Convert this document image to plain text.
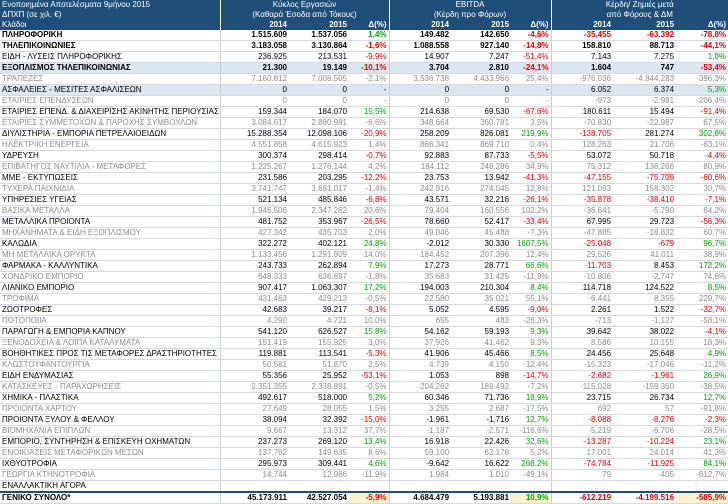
Ενοποιημένα Αποτελέσματα 9μήνου 2015	Κύκλος Εργασιών			EBITDA			Κέρδη/ Ζημιές μετά		
ΔΠΧΠ (σε χιλ. €)	(Καθαρά Έσοδα από Τόκους)			(Κέρδη προ Φόρων)			από Φόρους & ΔΜ		
Κλάδοι	2014	2015	Δ(%)	2014	2015	Δ(%)	2014	2015	Δ(%)
ΠΛΗΡΟΦΟΡΙΚΗ	1.515.609	1.537.056	1,4%	149.482	142.650	-4,6%	-35.455	-63.392	-78,8%
ΤΗΛΕΠΙΚΟΙΝΩΝΙΕΣ	3.183.058	3.130.864	-1,6%	1.088.558	927.140	-14,8%	158.810	88.713	-44,1%
ΕΙΔΗ - ΛΥΣΕΙΣ ΠΛΗΡΟΦΟΡΙΚΗΣ	236.925	213.531	-9,9%	14.907	7.247	-51,4%	7.143	7.275	1,8%
ΕΞΟΠΛΙΣΜΟΣ ΤΗΛΕΠΙΚΟΙΝΩΝΙΑΣ	21.300	19.149	-10,1%	3.704	2.810	-24,1%	1.604	747	-53,4%
ΤΡΑΠΕΖΕΣ	7.160.812	7.008.505	-2,1%	3.536.738	4.433.966	25,4%	-976.036	-4.844.283	-396,3%
ΑΣΦΑΛΕΙΕΣ - ΜΕΣΙΤΕΣ ΑΣΦΑΛΙΣΕΩΝ	0	0	-	0	0	-	6.052	6.374	5,3%
ΕΤΑΙΡΙΕΣ ΕΠΕΝΔΥΣΕΩΝ	0	0	-	0	0	-	-973	-2.981	-206,4%
ΕΤΑΙΡΙΕΣ ΕΠΕΝΔ. & ΔΙΑΧΕΙΡΙΣΗΣ ΑΚΙΝΗΤΗΣ ΠΕΡΙΟΥΣΙΑΣ	159.344	184.070	15,5%	214.638	69.530	-67,6%	180.611	15.494	-91,4%
ΕΤΑΙΡΙΕΣ ΣΥΜΜΕΤΟΧΩΝ & ΠΑΡΟΧΗΣ ΣΥΜΒΟΥΛΩΝ	3.084.617	2.880.981	-6,6%	348.664	360.781	3,5%	-70.830	-22.987	67,5%
ΔΙΥΛΙΣΤΗΡΙΑ - ΕΜΠΟΡΙΑ ΠΕΤΡΕΛΑΙΟΕΙΔΩΝ	15.288.354	12.098.106	-20,9%	258.209	826.081	219,9%	-138.705	281.274	302,8%
ΗΛΕΚΤΡΙΚΗ ΕΝΕΡΓΕΙΑ	4.551.858	4.615.923	1,4%	866.341	869.710	0,4%	128.263	21.706	-83,1%
ΥΔΡΕΥΣΗ	300.374	298.414	-0,7%	92.883	87.733	-5,5%	53.072	50.718	-4,4%
ΕΠΙΒΑΤΗΓΟΣ ΝΑΥΤΙΛΙΑ - ΜΕΤΑΦΟΡΕΣ	1.225.267	1.276.144	4,2%	184.112	248.286	34,9%	75.312	136.266	80,9%
ΜΜΕ - ΕΚΤΥΠΩΣΕΙΣ	231.586	203.295	-12,2%	23.753	13.942	-41,3%	-47.155	-75.709	-60,6%
ΤΥΧΕΡΑ ΠΑΙΧΝΙΔΙΑ	3.741.747	3.691.017	-1,4%	242.916	274.045	12,8%	121.093	158.302	30,7%
ΥΠΗΡΕΣΙΕΣ ΥΓΕΙΑΣ	521.134	485.846	-6,8%	43.571	32.216	-26,1%	-35.878	-38.410	-7,1%
ΒΑΣΙΚΑ ΜΕΤΑΛΛΑ	1.946.506	2.347.262	20,6%	79.404	160.556	102,2%	-36.641	-5.790	84,2%
ΜΕΤΑΛΛΙΚΑ ΠΡΟΙΟΝΤΑ	481.752	353.967	-26,5%	78.660	52.417	-33,4%	67.995	29.723	-56,3%
ΜΗΧΑΝΗΜΑΤΑ & ΕΙΔΗ ΕΞΟΠΛΙΣΜΟΥ	427.342	435.703	2,0%	49.046	45.488	-7,3%	-47.885	-18.832	60,7%
ΚΑΛΩΔΙΑ	322.272	402.121	24,8%	-2.012	30.330	1607,5%	-25.048	-679	96,7%
ΜΗ ΜΕΤΑΛΛΙΚΑ ΟΡΥΚΤΑ	1.133.456	1.291.909	14,0%	184.452	207.396	12,4%	29.526	41.011	38,9%
ΦΑΡΜΑΚΑ - ΚΑΛΛΥΝΤΙΚΑ	243.733	262.894	7,9%	17.273	28.771	66,6%	-11.703	8.453	172,2%
ΧΟΝΔΡΙΚΟ ΕΜΠΟΡΙΟ	648.333	636.697	-1,8%	35.683	31.425	-11,9%	-10.806	-2.747	74,6%
ΛΙΑΝΙΚΟ ΕΜΠΟΡΙΟ	907.417	1.063.307	17,2%	194.003	210.304	8,4%	114.718	124.522	8,5%
ΤΡΟΦΙΜΑ	431.463	429.213	-0,5%	22.580	35.021	55,1%	-6.441	8.355	229,7%
ΖΩΟΤΡΟΦΕΣ	42.683	39.217	-8,1%	5.052	4.595	-9,0%	2.261	1.522	-32,7%
ΠΟΤΟΠΟΙΙΑ	4.290	4.721	10,0%	655	483	-26,3%	-713	-1.127	-58,1%
ΠΑΡΑΓΩΓΗ & ΕΜΠΟΡΙΑ ΚΑΠΝΟΥ	541.120	626.527	15,8%	54.162	59.193	9,3%	39.642	38.022	-4,1%
ΞΕΝΟΔΟΧΕΙΑ & ΛΟΙΠΑ ΚΑΤΑΛΥΜΑΤΑ	151.419	155.925	3,0%	37.926	41.462	9,3%	8.586	10.155	18,3%
ΒΟΗΘΗΤΙΚΕΣ ΠΡΟΣ ΤΙΣ ΜΕΤΑΦΟΡΕΣ ΔΡΑΣΤΗΡΙΟΤΗΤΕΣ	119.881	113.541	-5,3%	41.906	45.466	8,5%	24.456	25.648	4,9%
ΚΛΩΣΤΟΥΦΑΝΤΟΥΡΓΙΑ	50.581	51.870	2,5%	4.739	4.150	-12,4%	-15.323	-17.046	-11,2%
ΕΙΔΗ ΕΝΔΥΜΑΣΙΑΣ	55.356	25.952	-53,1%	1.053	898	-14,7%	-2.682	-1.961	26,9%
ΚΑΤΑΣΚΕΥΕΣ - ΠΑΡΑΧΩΡΗΣΕΙΣ	2.351.355	2.338.891	-0,5%	204.262	189.492	-7,2%	-115.028	-159.360	-38,5%
ΧΗΜΙΚΑ - ΠΛΑΣΤΙΚΑ	492.617	518.000	5,2%	60.346	71.736	18,9%	23.715	26.734	12,7%
ΠΡΟΙΟΝΤΑ ΧΑΡΤΟΥ	27.649	28.055	1,5%	3.255	2.687	-17,5%	692	57	-91,8%
ΠΡΟΙΟΝΤΑ ΞΥΛΟΥ & ΦΕΛΛΟΥ	38.094	32.392	-15,0%	-1.961	-1.716	12,7%	-8.088	-8.276	-2,3%
ΒΙΟΜΗΧΑΝΙΑ ΕΠΙΠΛΩΝ	9.667	13.312	37,7%	-1.187	-2.571	-116,6%	-5.219	-6.706	-28,5%
ΕΜΠΟΡΙΟ, ΣΥΝΤΗΡΗΣΗ & ΕΠΙΣΚΕΥΗ ΟΧΗΜΑΤΩΝ	237.273	269.120	13,4%	16.918	22.426	32,6%	-13.287	-10.224	23,1%
ΕΝΟΙΚΙΑΣΕΙΣ ΜΕΤΑΦΟΡΙΚΩΝ ΜΕΣΩΝ	137.762	149.635	8,6%	59.100	62.178	5,2%	17.001	24.014	41,3%
ΙΧΘΥΟΤΡΟΦΙΑ	295.973	309.441	4,6%	-9.642	16.622	268,2%	-74.784	-11.925	84,1%
ΓΕΩΡΓΙΑ ΚΤΗΝΟΤΡΟΦΙΑ	14.744	12.986	-11,9%	1.984	1.010	-49,1%	79	-405	-612,7%
ΕΝΑΛΛΑΚΤΙΚΗ ΑΓΟΡΑ									
ΓΕΝΙΚΟ ΣΥΝΟΛΟ*	45.173.911	42.527.054	-5,9%	4.684.479	5.193.881	10,9%	-612.219	-4.199.516	-585,9%
